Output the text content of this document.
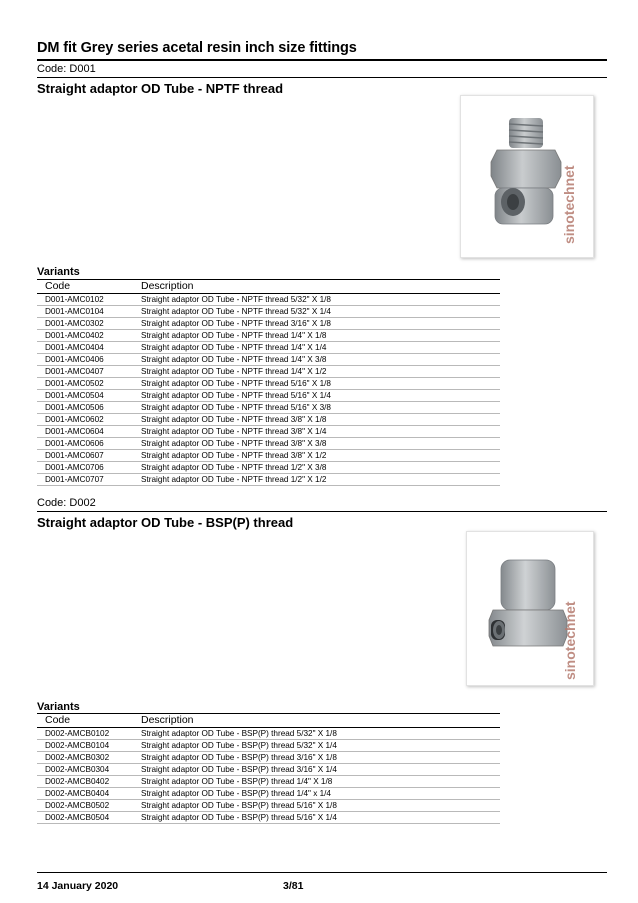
DM fit Grey series acetal resin inch size fittings
Code: D001
Straight adaptor OD Tube - NPTF thread
sinotechnet
Variants
Code	Description
D001-AMC0102	Straight adaptor OD Tube - NPTF thread 5/32" X 1/8
D001-AMC0104	Straight adaptor OD Tube - NPTF thread 5/32" X 1/4
D001-AMC0302	Straight adaptor OD Tube - NPTF thread 3/16" X 1/8
D001-AMC0402	Straight adaptor OD Tube - NPTF thread 1/4" X 1/8
D001-AMC0404	Straight adaptor OD Tube - NPTF thread 1/4" X 1/4
D001-AMC0406	Straight adaptor OD Tube - NPTF thread 1/4" X 3/8
D001-AMC0407	Straight adaptor OD Tube - NPTF thread 1/4" X 1/2
D001-AMC0502	Straight adaptor OD Tube - NPTF thread 5/16" X 1/8
D001-AMC0504	Straight adaptor OD Tube - NPTF thread 5/16" X 1/4
D001-AMC0506	Straight adaptor OD Tube - NPTF thread 5/16" X 3/8
D001-AMC0602	Straight adaptor OD Tube - NPTF thread 3/8" X 1/8
D001-AMC0604	Straight adaptor OD Tube - NPTF thread 3/8" X 1/4
D001-AMC0606	Straight adaptor OD Tube - NPTF thread 3/8" X 3/8
D001-AMC0607	Straight adaptor OD Tube - NPTF thread 3/8" X 1/2
D001-AMC0706	Straight adaptor OD Tube - NPTF thread 1/2" X 3/8
D001-AMC0707	Straight adaptor OD Tube - NPTF thread 1/2" X 1/2
Code: D002
Straight adaptor OD Tube - BSP(P) thread
sinotechnet
Variants
Code	Description
D002-AMCB0102	Straight adaptor OD Tube - BSP(P) thread 5/32" X 1/8
D002-AMCB0104	Straight adaptor OD Tube - BSP(P) thread 5/32" X 1/4
D002-AMCB0302	Straight adaptor OD Tube - BSP(P) thread 3/16" X 1/8
D002-AMCB0304	Straight adaptor OD Tube - BSP(P) thread 3/16" X 1/4
D002-AMCB0402	Straight adaptor OD Tube - BSP(P) thread 1/4" X 1/8
D002-AMCB0404	Straight adaptor OD Tube - BSP(P) thread 1/4" x 1/4
D002-AMCB0502	Straight adaptor OD Tube - BSP(P) thread 5/16" X 1/8
D002-AMCB0504	Straight adaptor OD Tube - BSP(P) thread 5/16" X 1/4
14 January 2020	3/81
